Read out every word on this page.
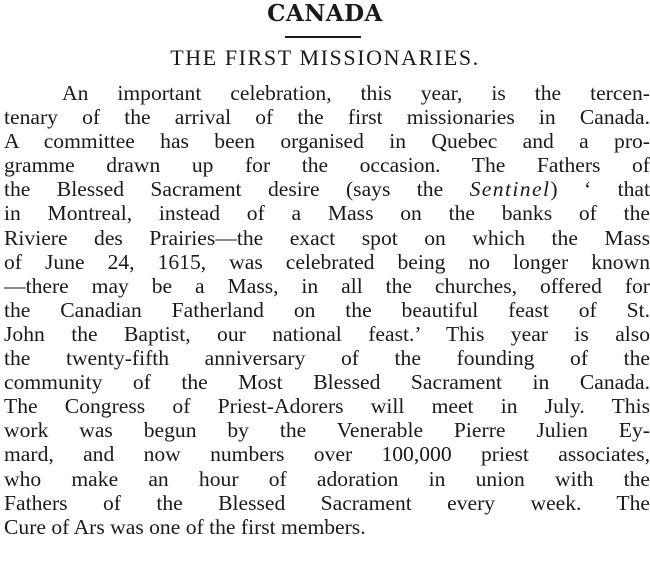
CANADA
THE FIRST MISSIONARIES.

An important celebration, this year, is the tercen-
tenary of the arrival of the first missionaries in Canada.
A committee has been organised in Quebec and a pro-
gramme drawn up for the occasion. The Fathers of
the Blessed Sacrament desire (says the Sentinel) ‘ that
in Montreal, instead of a Mass on the banks of the
Riviere des Prairies—the exact spot on which the Mass
of June 24, 1615, was celebrated being no longer known
—there may be a Mass, in all the churches, offered for
the Canadian Fatherland on the beautiful feast of St.
John the Baptist, our national feast.’ This year is also
the twenty-fifth anniversary of the founding of the
community of the Most Blessed Sacrament in Canada.
The Congress of Priest-Adorers will meet in July. This
work was begun by the Venerable Pierre Julien Ey-
mard, and now numbers over 100,000 priest associates,
who make an hour of adoration in union with the
Fathers of the Blessed Sacrament every week. The
Cure of Ars was one of the first members.
